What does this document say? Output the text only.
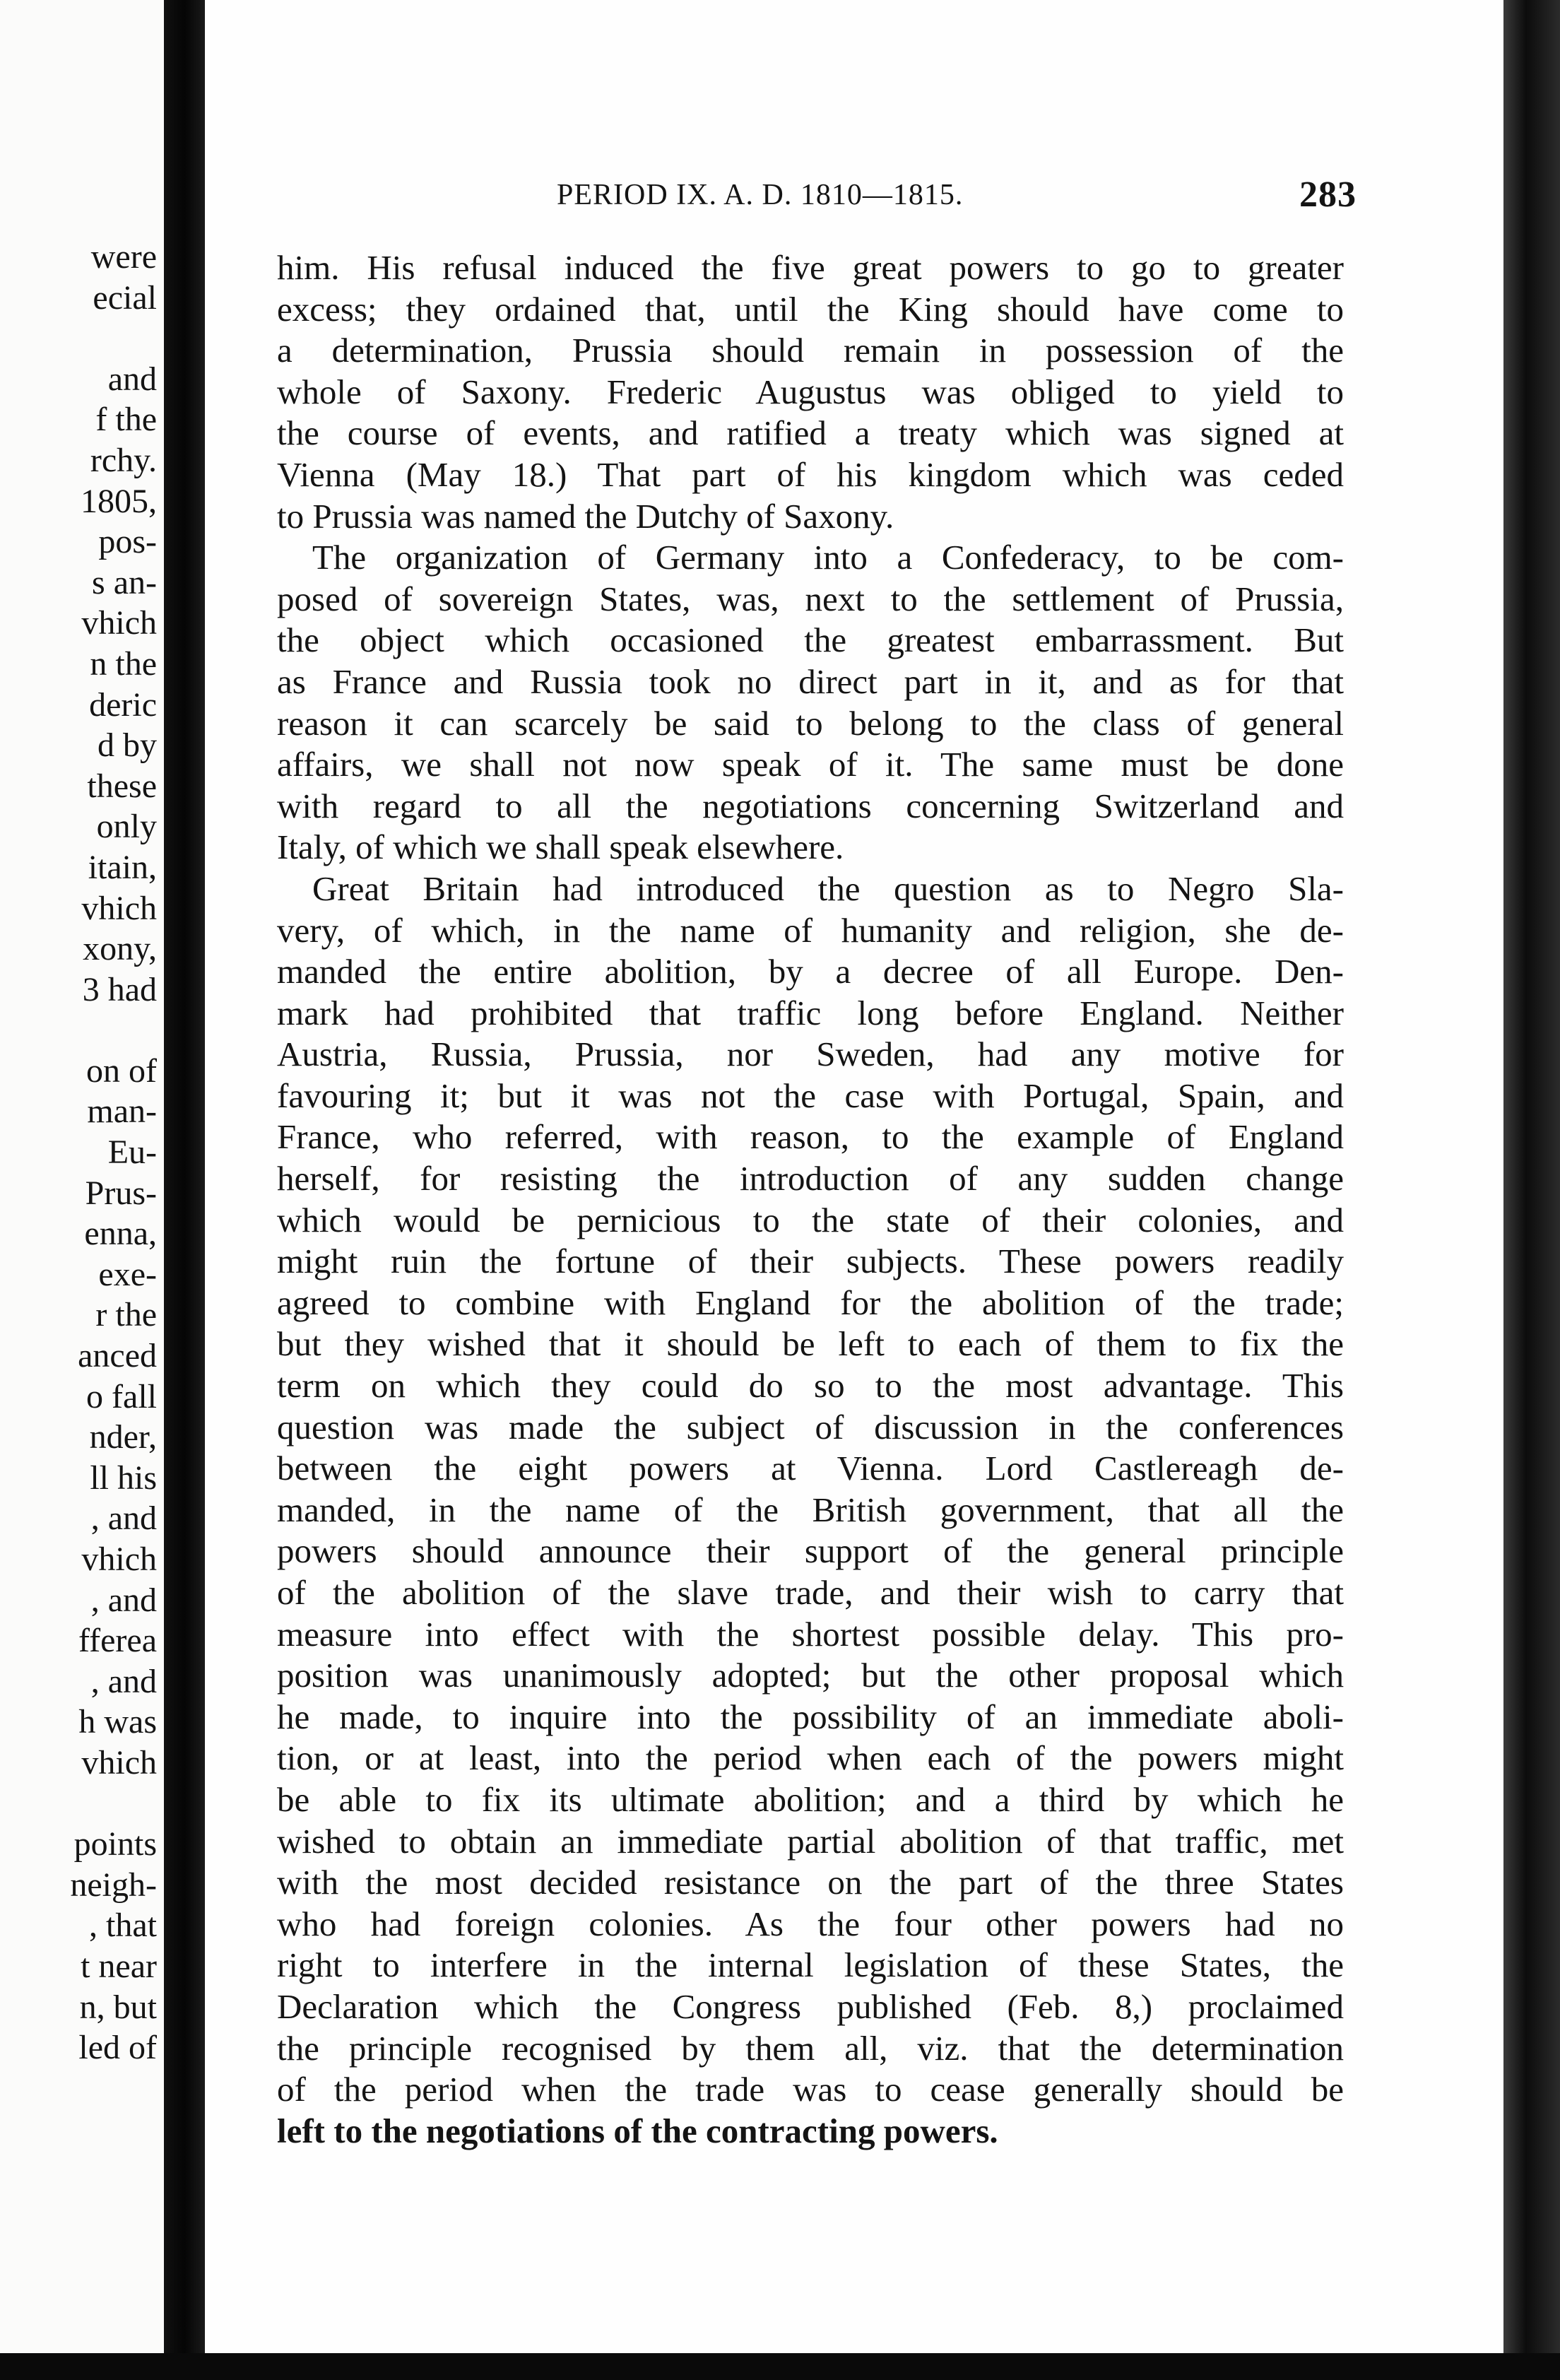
were
ecial
and
f the
rchy.
1805,
pos-
s an-
vhich
n the
deric
d by
these
only
itain,
vhich
xony,
3 had
on of
man-
Eu-
Prus-
enna,
exe-
r the
anced
o fall
nder,
ll his
, and
vhich
, and
fferea
, and
h was
vhich
points
neigh-
, that
t near
n, but
led of
PERIOD IX. A. D. 1810—1815.	283
him. His refusal induced the five great powers to go to greater
excess; they ordained that, until the King should have come to
a determination, Prussia should remain in possession of the
whole of Saxony. Frederic Augustus was obliged to yield to
the course of events, and ratified a treaty which was signed at
Vienna (May 18.) That part of his kingdom which was ceded
to Prussia was named the Dutchy of Saxony.
The organization of Germany into a Confederacy, to be com-
posed of sovereign States, was, next to the settlement of Prussia,
the object which occasioned the greatest embarrassment. But
as France and Russia took no direct part in it, and as for that
reason it can scarcely be said to belong to the class of general
affairs, we shall not now speak of it. The same must be done
with regard to all the negotiations concerning Switzerland and
Italy, of which we shall speak elsewhere.
Great Britain had introduced the question as to Negro Sla-
very, of which, in the name of humanity and religion, she de-
manded the entire abolition, by a decree of all Europe. Den-
mark had prohibited that traffic long before England. Neither
Austria, Russia, Prussia, nor Sweden, had any motive for
favouring it; but it was not the case with Portugal, Spain, and
France, who referred, with reason, to the example of England
herself, for resisting the introduction of any sudden change
which would be pernicious to the state of their colonies, and
might ruin the fortune of their subjects. These powers readily
agreed to combine with England for the abolition of the trade;
but they wished that it should be left to each of them to fix the
term on which they could do so to the most advantage. This
question was made the subject of discussion in the conferences
between the eight powers at Vienna. Lord Castlereagh de-
manded, in the name of the British government, that all the
powers should announce their support of the general principle
of the abolition of the slave trade, and their wish to carry that
measure into effect with the shortest possible delay. This pro-
position was unanimously adopted; but the other proposal which
he made, to inquire into the possibility of an immediate aboli-
tion, or at least, into the period when each of the powers might
be able to fix its ultimate abolition; and a third by which he
wished to obtain an immediate partial abolition of that traffic, met
with the most decided resistance on the part of the three States
who had foreign colonies. As the four other powers had no
right to interfere in the internal legislation of these States, the
Declaration which the Congress published (Feb. 8,) proclaimed
the principle recognised by them all, viz. that the determination
of the period when the trade was to cease generally should be
left to the negotiations of the contracting powers.
